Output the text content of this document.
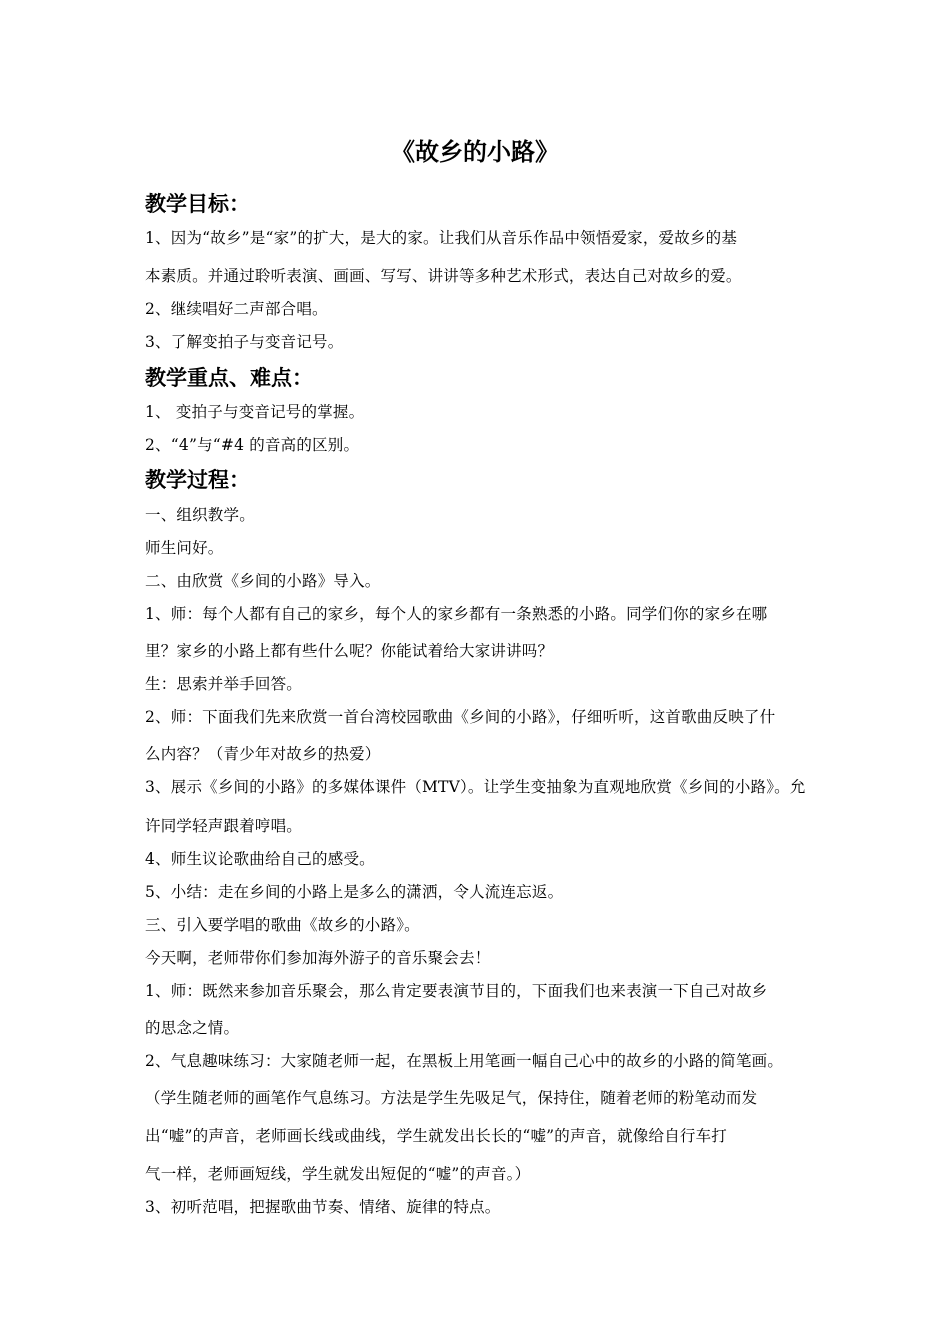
《故乡的小路》
教学目标：
1、因为“故乡”是“家”的扩大，是大的家。让我们从音乐作品中领悟爱家，爱故乡的基
本素质。并通过聆听表演、画画、写写、讲讲等多种艺术形式，表达自己对故乡的爱。
2、继续唱好二声部合唱。
3、了解变拍子与变音记号。
教学重点、难点：
1、 变拍子与变音记号的掌握。
2、“4”与“#4 的音高的区别。
教学过程：
一、组织教学。
师生问好。
二、由欣赏《乡间的小路》导入。
1、师：每个人都有自己的家乡，每个人的家乡都有一条熟悉的小路。同学们你的家乡在哪
里？家乡的小路上都有些什么呢？你能试着给大家讲讲吗？
生：思索并举手回答。
2、师：下面我们先来欣赏一首台湾校园歌曲《乡间的小路》，仔细听听，这首歌曲反映了什
么内容？（青少年对故乡的热爱）
3、展示《乡间的小路》的多媒体课件（MTV）。让学生变抽象为直观地欣赏《乡间的小路》。允
许同学轻声跟着哼唱。
4、师生议论歌曲给自己的感受。
5、小结：走在乡间的小路上是多么的潇洒，令人流连忘返。
三、引入要学唱的歌曲《故乡的小路》。
今天啊，老师带你们参加海外游子的音乐聚会去！
1、师：既然来参加音乐聚会，那么肯定要表演节目的，下面我们也来表演一下自己对故乡
的思念之情。
2、气息趣味练习：大家随老师一起，在黑板上用笔画一幅自己心中的故乡的小路的简笔画。
（学生随老师的画笔作气息练习。方法是学生先吸足气，保持住，随着老师的粉笔动而发
出“嘘”的声音，老师画长线或曲线，学生就发出长长的“嘘”的声音，就像给自行车打
气一样，老师画短线，学生就发出短促的“嘘”的声音。）
3、初听范唱，把握歌曲节奏、情绪、旋律的特点。
